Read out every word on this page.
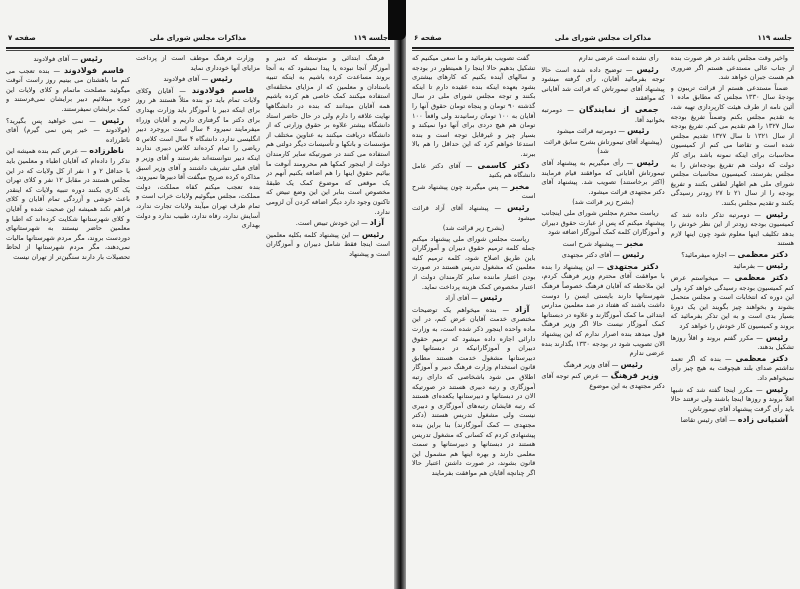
جلسه ۱۱۹
مذاکرات مجلس شورای ملی
صفحه ۷

فرهنگ ابتدائی و متوسطه که دبیر و آموزگار آنجا نبوده یا پیدا نمیشود که به آنجا بروند مساعدت کرده باشیم به اینکه تنبیه باستادان و معلمین که از مزایای مختلفه‌ای استفاده میکنند کمک خاصی هم کرده باشیم همه آقایان میدانند که بنده در دانشگاهها نهایت علاقه را دارم ولی در حال حاضر استاد دانشگاه بیشتر علاوه بر حقوق وزارتی که از دانشگاه دریافت میکنند به عناوین مختلف از مؤسسات و بانکها و تأسیسات دیگر دولتی هم استفاده می کنند در صورتیکه سایر کارمندان دولت از اینجور کمکها هم محرومند آنوقت ما بیائیم حقوق اینها را هم اضافه بکنیم آنهم در یک موقعی که موضوع کمک یک طبقهٔ مخصوص است بنابر این این وضع تبیض که تاکنون وجود دارد دیگر اضافه کردن آن لزومی ندارد.

آزاد — این خودش تبیض است.

رئیس — این پیشنهاد کلمه بکلیه معلمین است اینجا فقط شامل دبیران و آموزگاران است و پیشنهاد

وزارت فرهنگ موظف است از پرداخت مزایای آنها خودداری نماید

رئیس — آقای فولادوند

قاسم فولادوند — آقایان وکلای ولایات تمام باید دو بنده مثلاً هستند هر روز برای اینکه دبیر یا آموزگار باید وزارت بهداری برای دکتر ما گرفتاری داریم و آقایان وزراء میفرمایند نمیرود ۴ سال است بروجرد دبیر انگلیسی ندارد، دانشگاه ۴ سال است کلاس ۵ ریاضی را تمام کرده‌اند کلاس دبیری ندارند اینکه دبیر نتوانسته‌اند بفرستند و آقای وزیر و آقای قبلی تشریف داشتند و آقای وزیر اسبق مذاکره کرده صریح میگفت آقا دبیرها نمیروند، بنده تعجب میکنم کفاه مملکت، دولت مملکت، مجلس میگوئیم ولایات خراب است و تمام طرف تهران میآیند ولایات تجارت ندارد، آسایش ندارد، رفاه ندارد، طبیب ندارد و دولت بهداری

رئیس — آقای فولادوند

قاسم فولادوند — بنده تعجب می کنم ما باهشتان می بینیم روز راست آنوقت میگوئید مصلحت ماتمام و کلای ولایات این دوره مبتلائیم دبیر برایشان نمی‌فرستند و کمک برایشان نمیفرستند.

رئیس — نمی خواهید پس بگیرید؟ (فولادوند — خیر پس نمی گیرم) آقای ناظرزاده

ناظرزاده — عرض کنم بنده همیشه این تذکر را داده‌ام که آقایان اطباء و معلمین باید با حداقل ۲ و ۱ نفر از کل ولایات که در این مجلس هستند در مقابل ۱۲ نفر و کلای تهران یک کاری بکنند دوره تنبیه ولایات که اینقدر باعث خوشی و آزردگی تمام آقایان و کلای فراهم نکند همیشه این صحبت شده و آقایان و کلای شهرستانها شکایت کرده‌اند که اطبا و معلمین حاضر نیستند به شهرستانهای دوردست بروند، مگر مردم شهرستانها مالیات نمی‌دهند، مگر مردم شهرستانها از لحاظ تحصیلات بار دارند سنگین‌تر از تهران نیست

جلسه ۱۱۹
مذاکرات مجلس شورای ملی
صفحه ۶

واخیر وقت مجلس باشد در هر صورت بنده از جناب عالی مستدعی هستم اگر ضروری هم هست جبران خواهد شد.

ضمناً مستدعی هستم از قرائت تریبون و بودجهٔ سال ۱۳۳۰ مجلس که مطابق ماده ۱ آئین نامه از طرف هیئت کارپردازی تهیه شد، به تقدیم مجلس بکنم وضمناً تفریغ بودجه سال ۱۳۲۷ را هم تقدیم می کنم. تفریغ بودجه از سال ۱۳۲۱ تا سال ۱۳۲۷ تقدیم مجلس شده است و تقاضا می کنم از کمیسیون محاسبات برای اینکه نمونه باشد برای کار دولت که دولت هم تفریغ بودجه‌اش را به مجلس بفرستد، کمیسیون محاسبات مجلس شورای ملی هم اظهار لطفی بکنند و تفریغ بودجه را از سال ۲۱ تا ۲۷ زودتر رسیدگی بکنند و تقدیم مجلس بکنند.

رئیس — دومرتبه تذکر داده شد که کمیسیون بودجه زودتر از این نظر خودش را بدهد تکلیف اینها معلوم شود چون اینها لازم هستند

دکتر معظمی — اجازه میفرمائید؟

رئیس — بفرمائید

دکتر معظمی — میخواستم عرض کنم کمیسیون بودجه رسیدگی خواهد کرد ولی این دوره که انتخابات است و مجلس متحمل بشوند و بخواهند چیز بگویند این یک دورهٔ بسیار بدی است و به این تذکر بفرمائید که بروند و کمیسیون کار خودش را خواهد کرد

رئیس — مکرر گفتم بروند و اقلاً روزها تشکیل بدهند.

دکتر معظمی — بنده که اگر تعمد نداشتم صدای بلند هیچوقت به هیچ چیز رأی نمیخواهم داد.

رئیس — مکرر اینجا گفته شد که شبها اقلاً بروند و روزها اینجا باشند ولی نرفتند حالا باید رأی گرفت پیشنهاد آقای تیمورتاش.

آشتیانی زاده — آقای رئیس تقاضا

رأی نشده است عرضی ندارم

رئیس — توضیح داده شده است حالا توجه بفرمائید آقایان، رأی گرفته میشود پیشنهاد آقای تیمورتاش که قرائت شد آقایانی که موافقند

جمعی از نمایندگان — دومرتبه بخوانید آقا.

رئیس — دومرتبه قرائت میشود

(پیشنهاد آقای تیمورتاش بشرح سابق قرائت شد)

رئیس — رأی میگیریم به پیشنهاد آقای تیمورتاش آقایانی که موافقند قیام فرمایند (اکثر برخاستند) تصویب شد. پیشنهاد آقای دکتر مجتهدی قرائت میشود.

(بشرح زیر قرائت شد)

ریاست محترم مجلس شورای ملی اینجانب پیشنهاد میکنم که پس از عبارت حقوق دبیران و آموزگاران کلمه کمک آموزگار اضافه شود

مخبر — پیشنهاد شرح است

رئیس — آقای دکتر مجتهدی

دکتر مجتهدی — این پیشنهاد را بنده با موافقت آقای محترم وزیر فرهنگ کردم، این ملاحظه که آقایان فرهنگ خصوصاً فرهنگ شهرستانها دارند بایستی ایسن را دوست داشت باشند که هفتاد در صد معلمین مدارس ابتدائی ما کمک آموزگارند و علاوه در دبستانها کمک آموزگار نیست حالا اگر وزیر فرهنگ قول میدهد بنده اصرار ندارم که این پیشنهاد الان تصویب شود در بودجه ۱۳۳۰ بگذارند بنده عرضی ندارم

رئیس — آقای وزیر فرهنگ

وزیر فرهنگ — عرض کنم توجه آقای دکتر مجتهدی به این موضوع

گفت تصویب بفرمائید و ما سعی میکنیم که تشکیل بدهیم حالا اینجا را همینطور در بودجه و سالهای آینده بکنیم که کارهای بیشتری بشود بعهده اینکه بنده عقیده دارم تا اینکه بکنند و توجه مجلس شورای ملی در سال گذشته ۹۰ تومان و پنجاه تومان حقوق آنها را آقایان به ۱۰۰ تومان رسانیدند ولی واقعاً ۱۰۰ تومان هم هیچ دردی برای آنها دوا نمیکند و بسیار چیز و غیرقابل توجه است و بنده استدعا خواهم کرد که این حداقل را هم بالا ببرند.

دکتر کاسمی — آقای دکتر عامل دانشگاه هم بکنید

مخبر — پس میگیرند چون پیشنهاد شرح است

رئیس — پیشنهاد آقای آزاد قرائت میشود

(بشرح زیر قرائت شد)

ریاست مجلس شورای ملی پیشنهاد میکنم جمله کلمه ترمیم حقوق دبیران و آموزگاران باین طریق اصلاح شود، کلمه ترمیم کلیه معلمین که مشغول تدریس هستند در صورت بودن اعتبار ماننده سایر کارمندان دولت از اعتبار مخصوص کمک هزینه پرداخت نماید.

رئیس — آقای آزاد

آزاد — بنده میخواهم یک توضیحات مختصری خدمت آقایان عرض کنم، در این ماده واحده اینجور ذکر شده است، به وزارت دارائی اجازه داده میشود که ترمیم حقوق دبیران و آموزگارانیکه در دبستانها و دبیرستانها مشغول خدمت هستند مطابق قانون استخدام وزارت فرهنگ دبیر و آموزگار اطلاق می شود باشخاصی که دارای رتبه آموزگاری و رتبه دبیری هستند در صورتیکه الان در دبستانها و دبیرستانها یکعده‌ای هستند که رتبه قایشان رتبه‌های آموزگاری و دبیری نیست ولی مشغول تدریس هستند (دکتر مجتهدی — کمک آموزگارند) بنا براین بنده پیشنهادی کردم که کسانی که مشغول تدریس هستند در دبستانها و دبیرستانها و سمت معلمی دارند و بهره اینها هم مشمول این قانون بشوند، در صورت داشتن اعتبار حالا اگر چنانچه آقایان هم موافقت بفرمایند
